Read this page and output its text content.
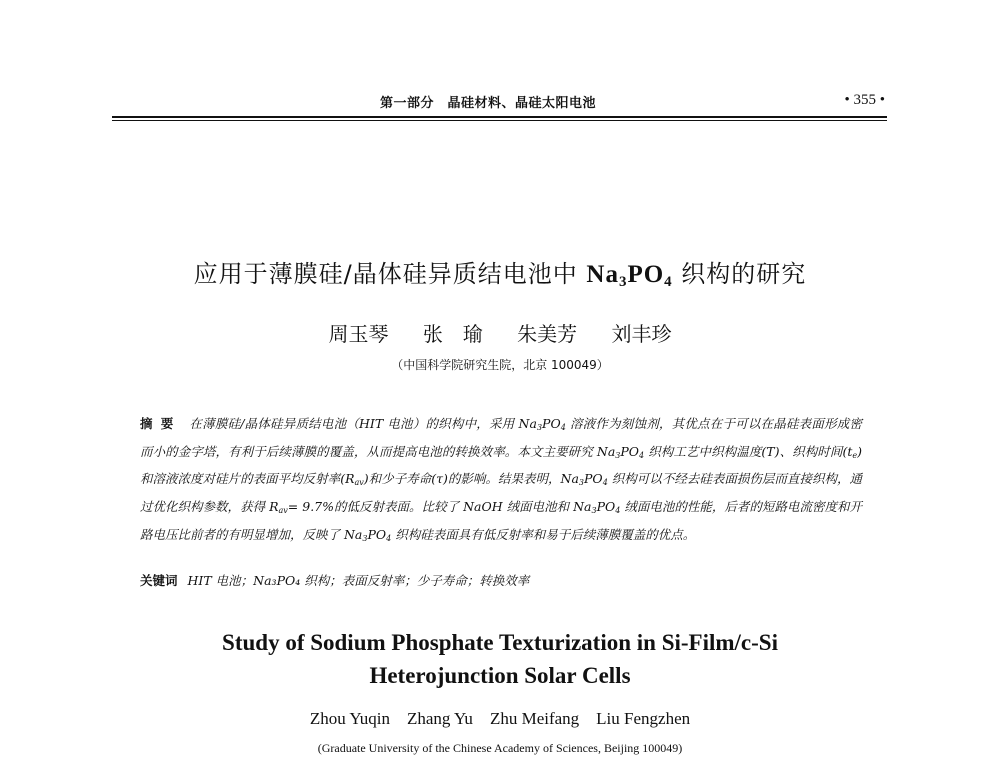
第一部分　晶硅材料、晶硅太阳电池	• 355 •
应用于薄膜硅/晶体硅异质结电池中 $Na_3PO_4$ 织构的研究
周玉琴 张　瑜 朱美芳 刘丰珍
（中国科学院研究生院，北京 100049）
摘要 在薄膜硅/晶体硅异质结电池（HIT 电池）的织构中，采用 $Na_3PO_4$ 溶液作为刻蚀剂，其优点在于可以在晶硅表面形成密而小的金字塔，有利于后续薄膜的覆盖，从而提高电池的转换效率。本文主要研究 $Na_3PO_4$ 织构工艺中织构温度(T)、织构时间$(t_e)$和溶液浓度对硅片的表面平均反射率$(R_{av})$和少子寿命(τ)的影响。结果表明，$Na_3PO_4$ 织构可以不经去硅表面损伤层而直接织构，通过优化织构参数，获得 $R_{av}= 9.7\%$的低反射表面。比较了 NaOH 绒面电池和 $Na_3PO_4$ 绒面电池的性能，后者的短路电流密度和开路电压比前者的有明显增加，反映了 $Na_3PO_4$ 织构硅表面具有低反射率和易于后续薄膜覆盖的优点。
关键词 HIT 电池；Na₃PO₄ 织构；表面反射率；少子寿命；转换效率
Study of Sodium Phosphate Texturization in Si-Film/c-Si
Heterojunction Solar Cells
Zhou Yuqin Zhang Yu Zhu Meifang Liu Fengzhen
(Graduate University of the Chinese Academy of Sciences, Beijing 100049)
